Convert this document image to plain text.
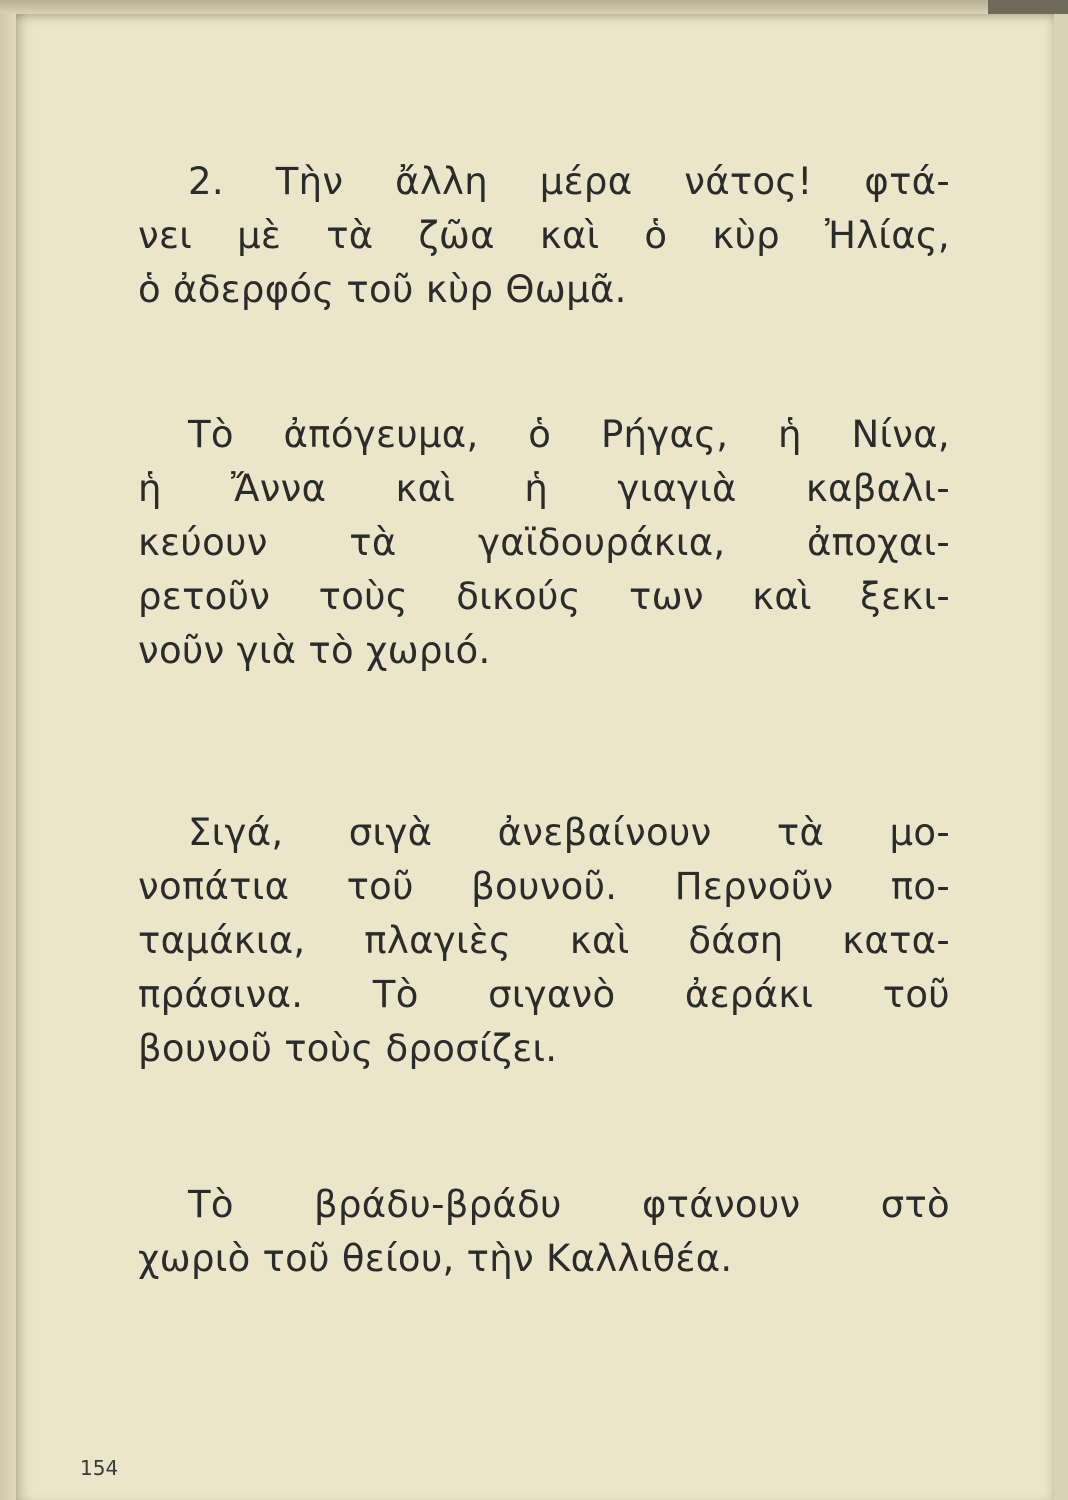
2. Τὴν ἄλλη μέρα νάτος! φτά-
νει μὲ τὰ ζῶα καὶ ὁ κὺρ Ἠλίας,
ὁ ἀδερφός τοῦ κὺρ Θωμᾶ.
Τὸ ἀπόγευμα, ὁ Ρήγας, ἡ Νίνα,
ἡ Ἄννα καὶ ἡ γιαγιὰ καβαλι-
κεύουν τὰ γαϊδουράκια, ἀποχαι-
ρετοῦν τοὺς δικούς των καὶ ξεκι-
νοῦν γιὰ τὸ χωριό.
Σιγά, σιγὰ ἀνεβαίνουν τὰ μο-
νοπάτια τοῦ βουνοῦ. Περνοῦν πο-
ταμάκια, πλαγιὲς καὶ δάση κατα-
πράσινα. Τὸ σιγανὸ ἀεράκι τοῦ
βουνοῦ τοὺς δροσίζει.
Τὸ βράδυ-βράδυ φτάνουν στὸ
χωριὸ τοῦ θείου, τὴν Καλλιθέα.
154
